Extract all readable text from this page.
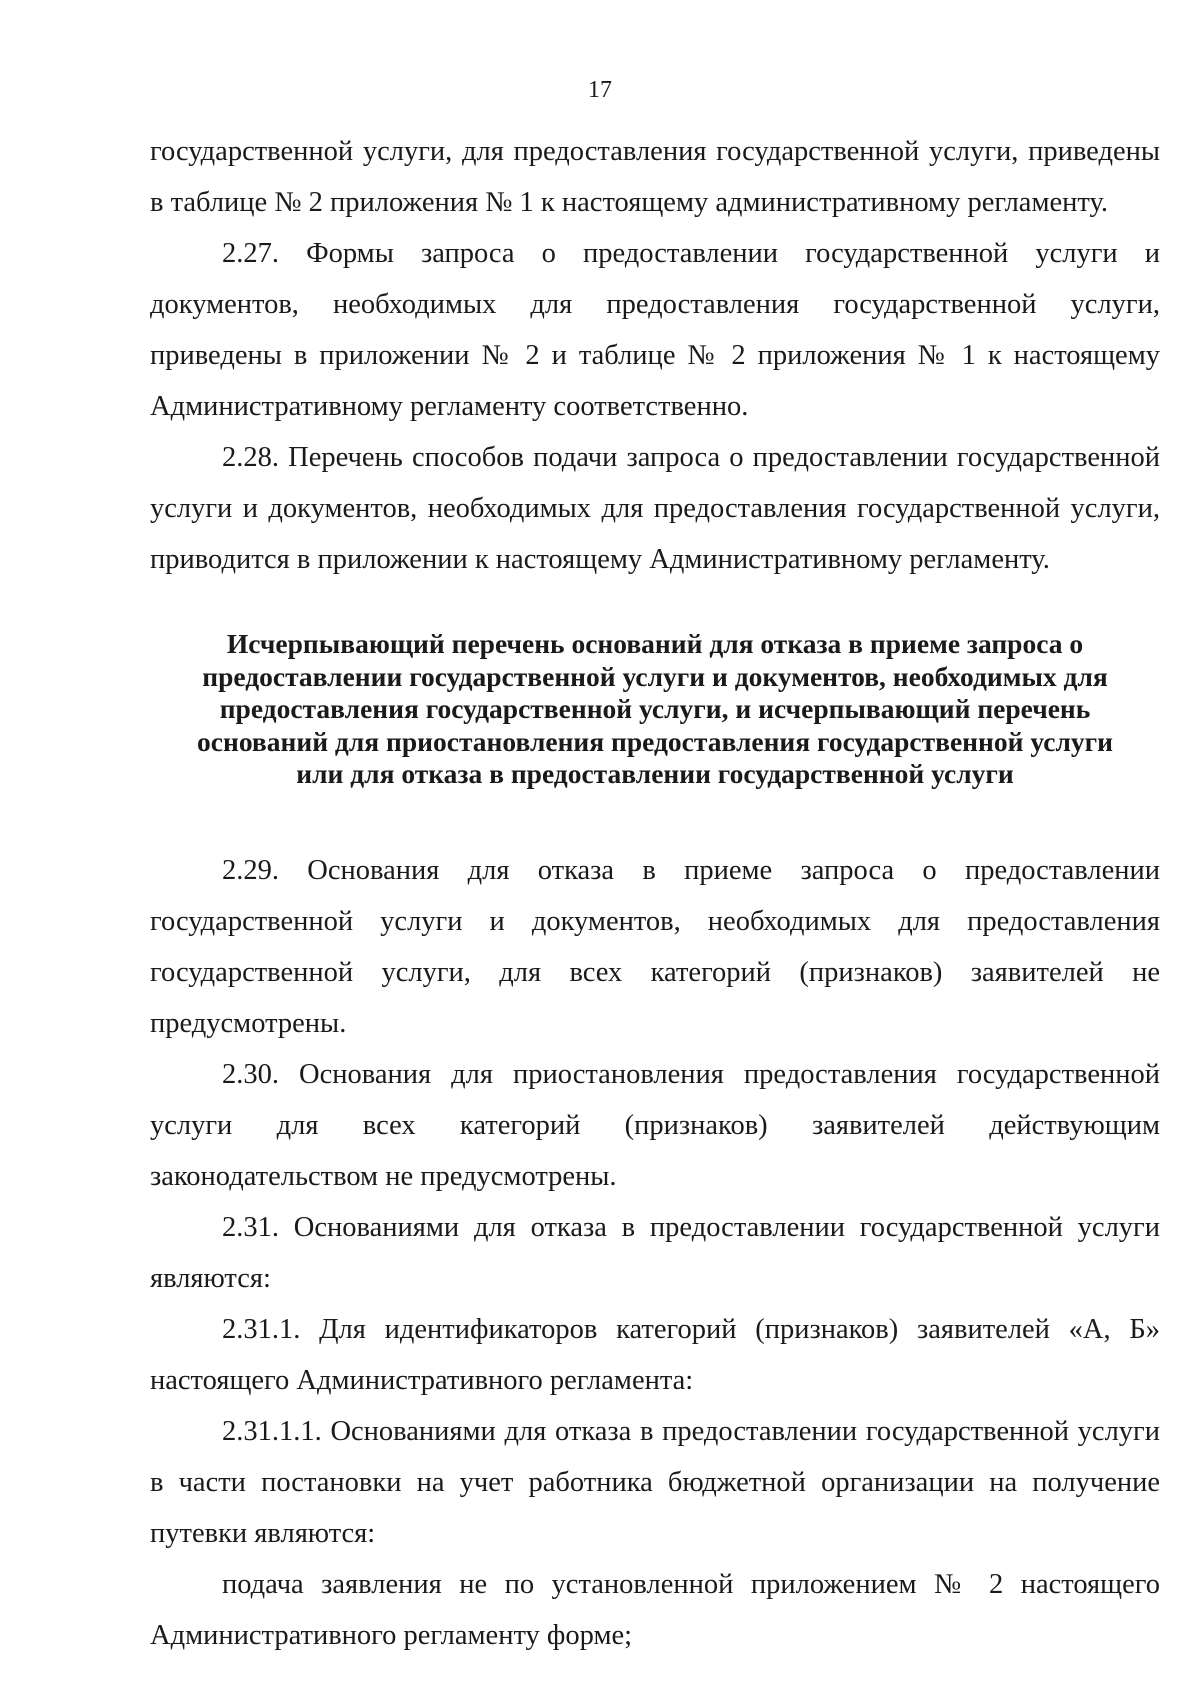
17

государственной услуги, для предоставления государственной услуги, приведены в таблице № 2 приложения № 1 к настоящему административному регламенту.

2.27. Формы запроса о предоставлении государственной услуги и документов, необходимых для предоставления государственной услуги, приведены в приложении № 2 и таблице № 2 приложения № 1 к настоящему Административному регламенту соответственно.

2.28. Перечень способов подачи запроса о предоставлении государственной услуги и документов, необходимых для предоставления государственной услуги, приводится в приложении к настоящему Административному регламенту.

Исчерпывающий перечень оснований для отказа в приеме запроса о
предоставлении государственной услуги и документов, необходимых для
предоставления государственной услуги, и исчерпывающий перечень
оснований для приостановления предоставления государственной услуги
или для отказа в предоставлении государственной услуги

2.29. Основания для отказа в приеме запроса о предоставлении государственной услуги и документов, необходимых для предоставления государственной услуги, для всех категорий (признаков) заявителей не предусмотрены.

2.30. Основания для приостановления предоставления государственной услуги для всех категорий (признаков) заявителей действующим законодательством не предусмотрены.

2.31. Основаниями для отказа в предоставлении государственной услуги являются:

2.31.1. Для идентификаторов категорий (признаков) заявителей «А, Б» настоящего Административного регламента:

2.31.1.1. Основаниями для отказа в предоставлении государственной услуги в части постановки на учет работника бюджетной организации на получение путевки являются:

подача заявления не по установленной приложением № 2 настоящего Административного регламенту форме;
